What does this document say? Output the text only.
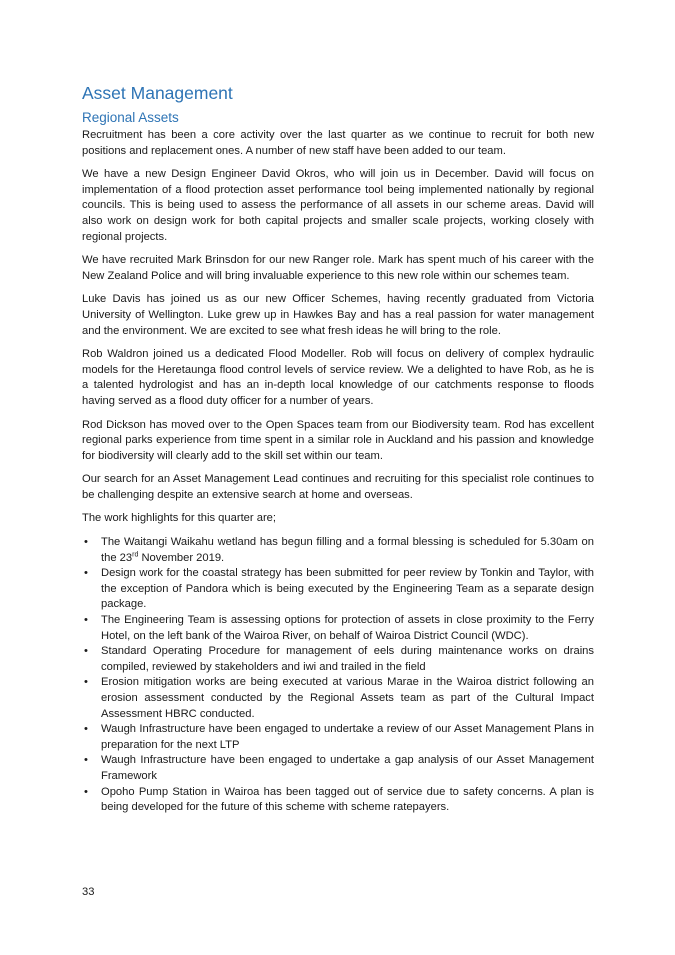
Asset Management
Regional Assets

Recruitment has been a core activity over the last quarter as we continue to recruit for both new positions and replacement ones. A number of new staff have been added to our team.

We have a new Design Engineer David Okros, who will join us in December. David will focus on implementation of a flood protection asset performance tool being implemented nationally by regional councils. This is being used to assess the performance of all assets in our scheme areas. David will also work on design work for both capital projects and smaller scale projects, working closely with regional projects.

We have recruited Mark Brinsdon for our new Ranger role. Mark has spent much of his career with the New Zealand Police and will bring invaluable experience to this new role within our schemes team.

Luke Davis has joined us as our new Officer Schemes, having recently graduated from Victoria University of Wellington. Luke grew up in Hawkes Bay and has a real passion for water management and the environment. We are excited to see what fresh ideas he will bring to the role.

Rob Waldron joined us a dedicated Flood Modeller. Rob will focus on delivery of complex hydraulic models for the Heretaunga flood control levels of service review. We a delighted to have Rob, as he is a talented hydrologist and has an in-depth local knowledge of our catchments response to floods having served as a flood duty officer for a number of years.

Rod Dickson has moved over to the Open Spaces team from our Biodiversity team. Rod has excellent regional parks experience from time spent in a similar role in Auckland and his passion and knowledge for biodiversity will clearly add to the skill set within our team.

Our search for an Asset Management Lead continues and recruiting for this specialist role continues to be challenging despite an extensive search at home and overseas.

The work highlights for this quarter are;

• The Waitangi Waikahu wetland has begun filling and a formal blessing is scheduled for 5.30am on the 23rd November 2019.
• Design work for the coastal strategy has been submitted for peer review by Tonkin and Taylor, with the exception of Pandora which is being executed by the Engineering Team as a separate design package.
• The Engineering Team is assessing options for protection of assets in close proximity to the Ferry Hotel, on the left bank of the Wairoa River, on behalf of Wairoa District Council (WDC).
• Standard Operating Procedure for management of eels during maintenance works on drains compiled, reviewed by stakeholders and iwi and trailed in the field
• Erosion mitigation works are being executed at various Marae in the Wairoa district following an erosion assessment conducted by the Regional Assets team as part of the Cultural Impact Assessment HBRC conducted.
• Waugh Infrastructure have been engaged to undertake a review of our Asset Management Plans in preparation for the next LTP
• Waugh Infrastructure have been engaged to undertake a gap analysis of our Asset Management Framework
• Opoho Pump Station in Wairoa has been tagged out of service due to safety concerns. A plan is being developed for the future of this scheme with scheme ratepayers.
33
